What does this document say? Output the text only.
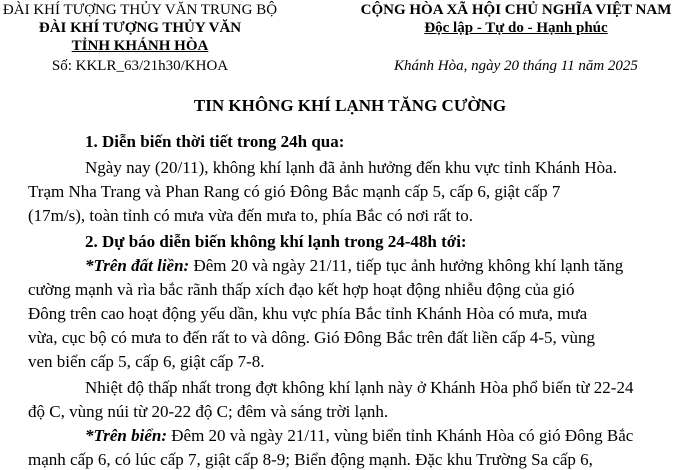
ĐÀI KHÍ TƯỢNG THỦY VĂN TRUNG BỘ
ĐÀI KHÍ TƯỢNG THỦY VĂN
TỈNH KHÁNH HÒA
Số: KKLR_63/21h30/KHOA
CỘNG HÒA XÃ HỘI CHỦ NGHĨA VIỆT NAM
Độc lập - Tự do - Hạnh phúc
Khánh Hòa, ngày 20 tháng 11 năm 2025
TIN KHÔNG KHÍ LẠNH TĂNG CƯỜNG
1. Diễn biến thời tiết trong 24h qua:
Ngày nay (20/11), không khí lạnh đã ảnh hưởng đến khu vực tỉnh Khánh Hòa.
Trạm Nha Trang và Phan Rang có gió Đông Bắc mạnh cấp 5, cấp 6, giật cấp 7
(17m/s), toàn tỉnh có mưa vừa đến mưa to, phía Bắc có nơi rất to.
2. Dự báo diễn biến không khí lạnh trong 24-48h tới:
*Trên đất liền: Đêm 20 và ngày 21/11, tiếp tục ảnh hưởng không khí lạnh tăng
cường mạnh và rìa bắc rãnh thấp xích đạo kết hợp hoạt động nhiễu động của gió
Đông trên cao hoạt động yếu dần, khu vực phía Bắc tỉnh Khánh Hòa có mưa, mưa
vừa, cục bộ có mưa to đến rất to và dông. Gió Đông Bắc trên đất liền cấp 4-5, vùng
ven biển cấp 5, cấp 6, giật cấp 7-8.
Nhiệt độ thấp nhất trong đợt không khí lạnh này ở Khánh Hòa phổ biến từ 22-24
độ C, vùng núi từ 20-22 độ C; đêm và sáng trời lạnh.
*Trên biển: Đêm 20 và ngày 21/11, vùng biển tỉnh Khánh Hòa có gió Đông Bắc
mạnh cấp 6, có lúc cấp 7, giật cấp 8-9; Biển động mạnh. Đặc khu Trường Sa cấp 6,
